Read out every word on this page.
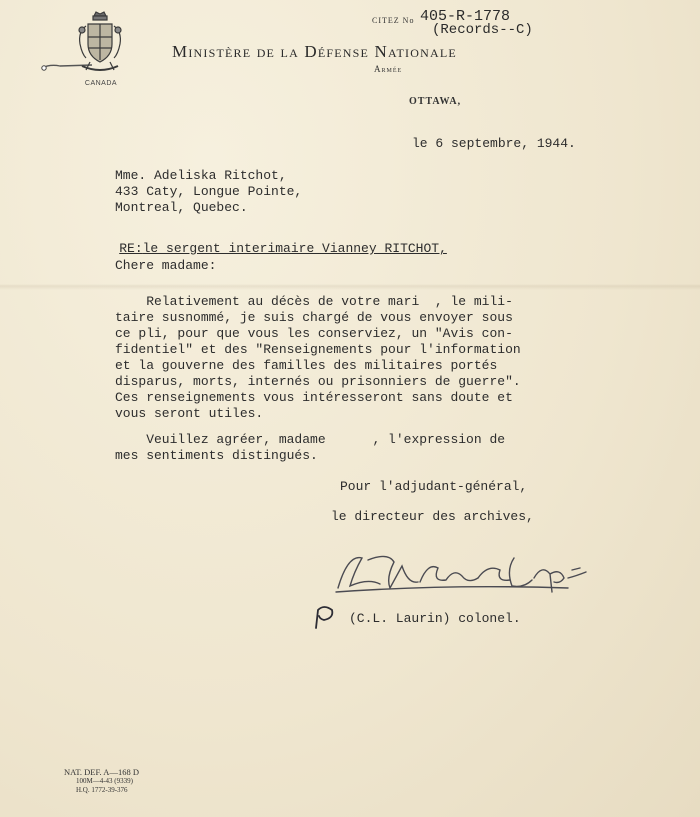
CANADA
CITEZ No 405-R-1778
(Records--C)
Ministère de la Défense Nationale
Armée
OTTAWA,
le 6 septembre, 1944.
Mme. Adeliska Ritchot,
433 Caty, Longue Pointe,
Montreal, Quebec.

RE:le sergent interimaire Vianney RITCHOT,

Chere madame:
Relativement au décès de votre mari  , le mili-
taire susnommé, je suis chargé de vous envoyer sous
ce pli, pour que vous les conserviez, un "Avis con-
fidentiel" et des "Renseignements pour l'information
et la gouverne des familles des militaires portés
disparus, morts, internés ou prisonniers de guerre".
Ces renseignements vous intéresseront sans doute et
vous seront utiles.
Veuillez agréer, madame      , l'expression de
mes sentiments distingués.
Pour l'adjudant-général,
le directeur des archives,
(C.L. Laurin) colonel.
NAT. DEF. A—168 D
100M—4-43 (9339)
H.Q. 1772-39-376
